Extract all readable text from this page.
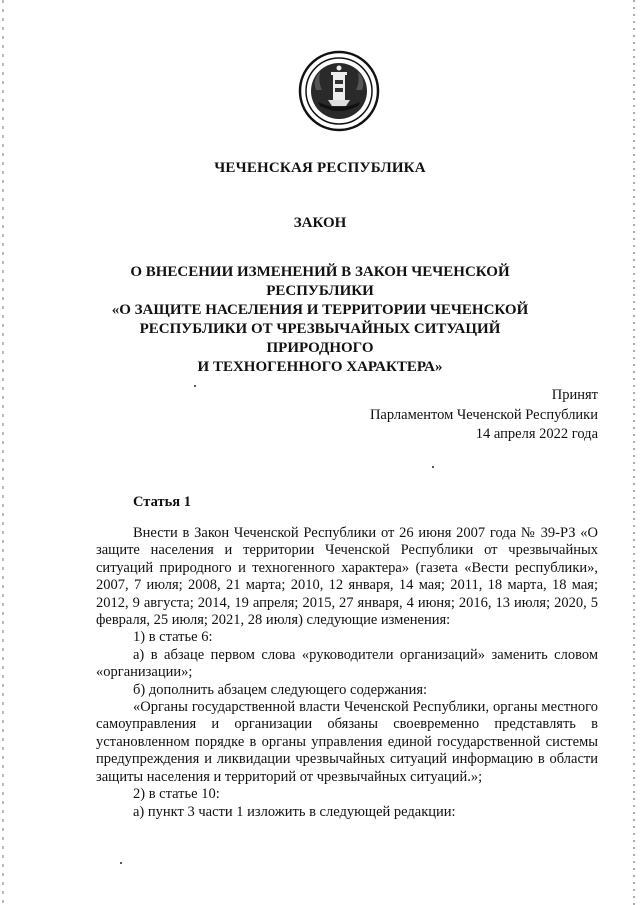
ЧЕЧЕНСКАЯ РЕСПУБЛИКА
ЗАКОН
О ВНЕСЕНИИ ИЗМЕНЕНИЙ В ЗАКОН ЧЕЧЕНСКОЙ РЕСПУБЛИКИ
«О ЗАЩИТЕ НАСЕЛЕНИЯ И ТЕРРИТОРИИ ЧЕЧЕНСКОЙ
РЕСПУБЛИКИ ОТ ЧРЕЗВЫЧАЙНЫХ СИТУАЦИЙ ПРИРОДНОГО
И ТЕХНОГЕННОГО ХАРАКТЕРА»
Принят
Парламентом Чеченской Республики
14 апреля 2022 года
Статья 1

Внести в Закон Чеченской Республики от 26 июня 2007 года № 39-РЗ «О защите населения и территории Чеченской Республики от чрезвычайных ситуаций природного и техногенного характера» (газета «Вести республики», 2007, 7 июля; 2008, 21 марта; 2010, 12 января, 14 мая; 2011, 18 марта, 18 мая; 2012, 9 августа; 2014, 19 апреля; 2015, 27 января, 4 июня; 2016, 13 июля; 2020, 5 февраля, 25 июля; 2021, 28 июля) следующие изменения:

1) в статье 6:

а) в абзаце первом слова «руководители организаций» заменить словом «организации»;

б) дополнить абзацем следующего содержания:

«Органы государственной власти Чеченской Республики, органы местного самоуправления и организации обязаны своевременно представлять в установленном порядке в органы управления единой государственной системы предупреждения и ликвидации чрезвычайных ситуаций информацию в области защиты населения и территорий от чрезвычайных ситуаций.»;

2) в статье 10:

а) пункт 3 части 1 изложить в следующей редакции:
